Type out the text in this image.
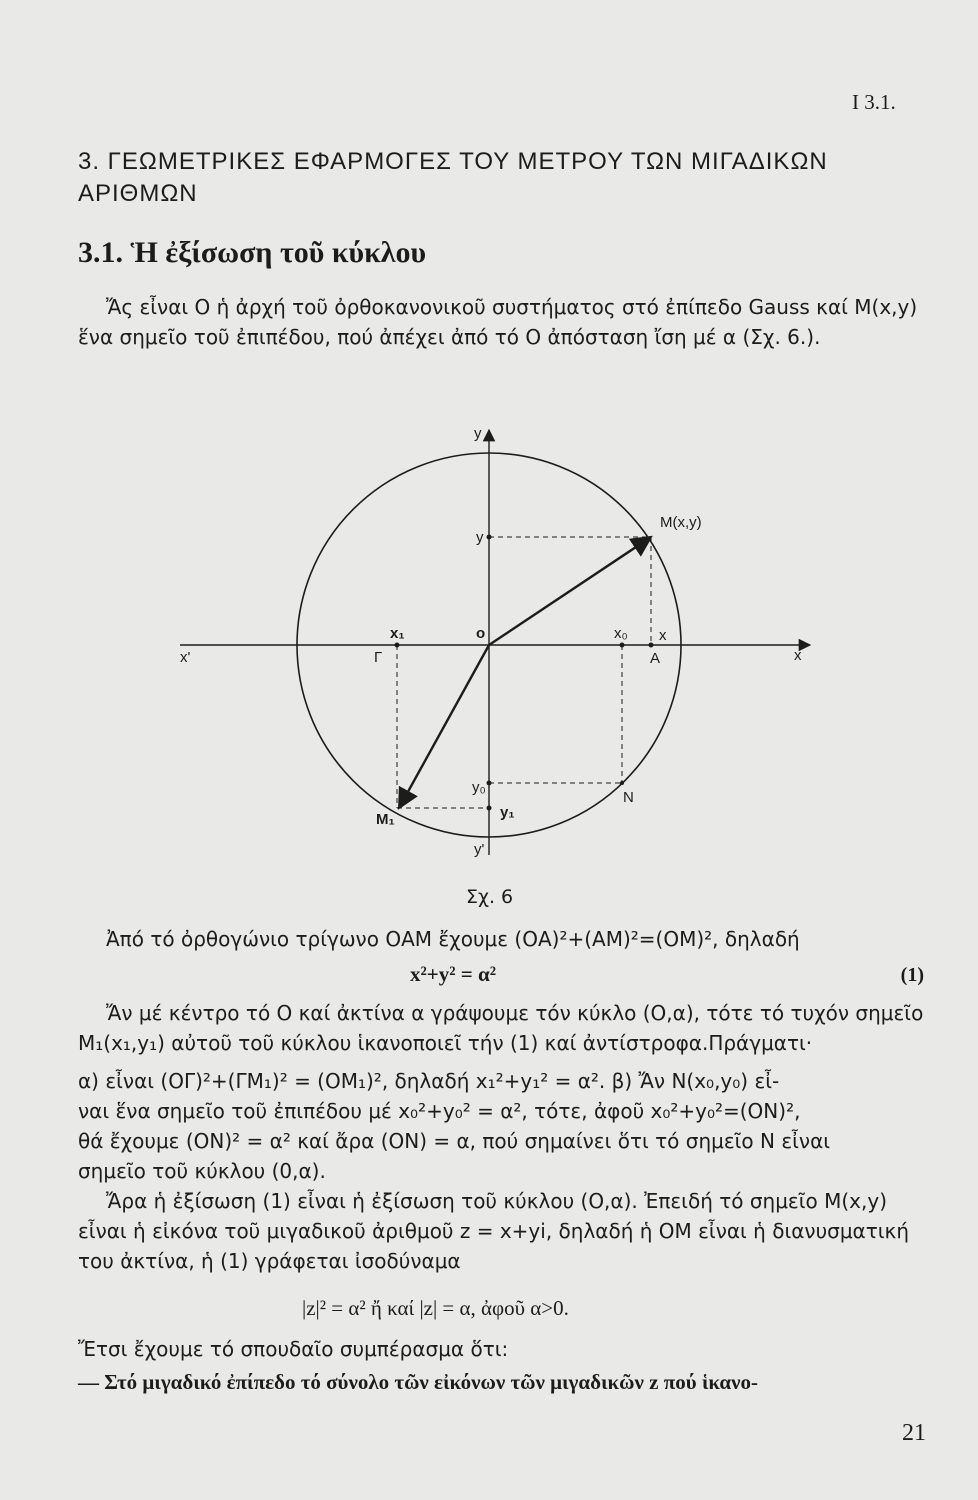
Ι 3.1.
3. ΓΕΩΜΕΤΡΙΚΕΣ ΕΦΑΡΜΟΓΕΣ ΤΟΥ ΜΕΤΡΟΥ ΤΩΝ ΜΙΓΑΔΙΚΩΝ ΑΡΙΘΜΩΝ
3.1. Ἡ ἐξίσωση τοῦ κύκλου

Ἄς εἶναι Ο ἡ ἀρχή τοῦ ὀρθοκανονικοῦ συστήματος στό ἐπίπεδο Gauss καί Μ(x,y) ἕνα σημεῖο τοῦ ἐπιπέδου, πού ἀπέχει ἀπό τό Ο ἀπόσταση ἴση μέ α (Σχ. 6.).

x
x'
y
y'
o
M(x,y)
A
x
y
x₀
x₁
Γ
y₀
y₁
N
M₁
Σχ. 6

Ἀπό τό ὀρθογώνιο τρίγωνο ΟΑΜ ἔχουμε (ΟΑ)²+(ΑΜ)²=(ΟΜ)², δηλαδή

x²+y² = α²	(1)

Ἄν μέ κέντρο τό Ο καί ἀκτίνα α γράψουμε τόν κύκλο (Ο,α), τότε τό τυχόν σημεῖο Μ₁(x₁,y₁) αὐτοῦ τοῦ κύκλου ἱκανοποιεῖ τήν (1) καί ἀντίστροφα.Πράγματι·

α) εἶναι (ΟΓ)²+(ΓΜ₁)² = (ΟΜ₁)², δηλαδή x₁²+y₁² = α². β) Ἄν Ν(x₀,y₀) εἶ-

ναι ἕνα σημεῖο τοῦ ἐπιπέδου μέ x₀²+y₀² = α², τότε, ἀφοῦ x₀²+y₀²=(ΟΝ)²,

θά ἔχουμε (ΟΝ)² = α² καί ἄρα (ΟΝ) = α, πού σημαίνει ὅτι τό σημεῖο Ν εἶναι

σημεῖο τοῦ κύκλου (0,α).

Ἄρα ἡ ἐξίσωση (1) εἶναι ἡ ἐξίσωση τοῦ κύκλου (Ο,α). Ἐπειδή τό σημεῖο Μ(x,y) εἶναι ἡ εἰκόνα τοῦ μιγαδικοῦ ἀριθμοῦ z = x+yi, δηλαδή ἡ ΟΜ εἶναι ἡ διανυσματική του ἀκτίνα, ἡ (1) γράφεται ἰσοδύναμα

|z|² = α² ἤ καί |z| = α, ἀφοῦ α>0.

Ἔτσι ἔχουμε τό σπουδαῖο συμπέρασμα ὅτι:

— Στό μιγαδικό ἐπίπεδο τό σύνολο τῶν εἰκόνων τῶν μιγαδικῶν z πού ἱκανο-
21
